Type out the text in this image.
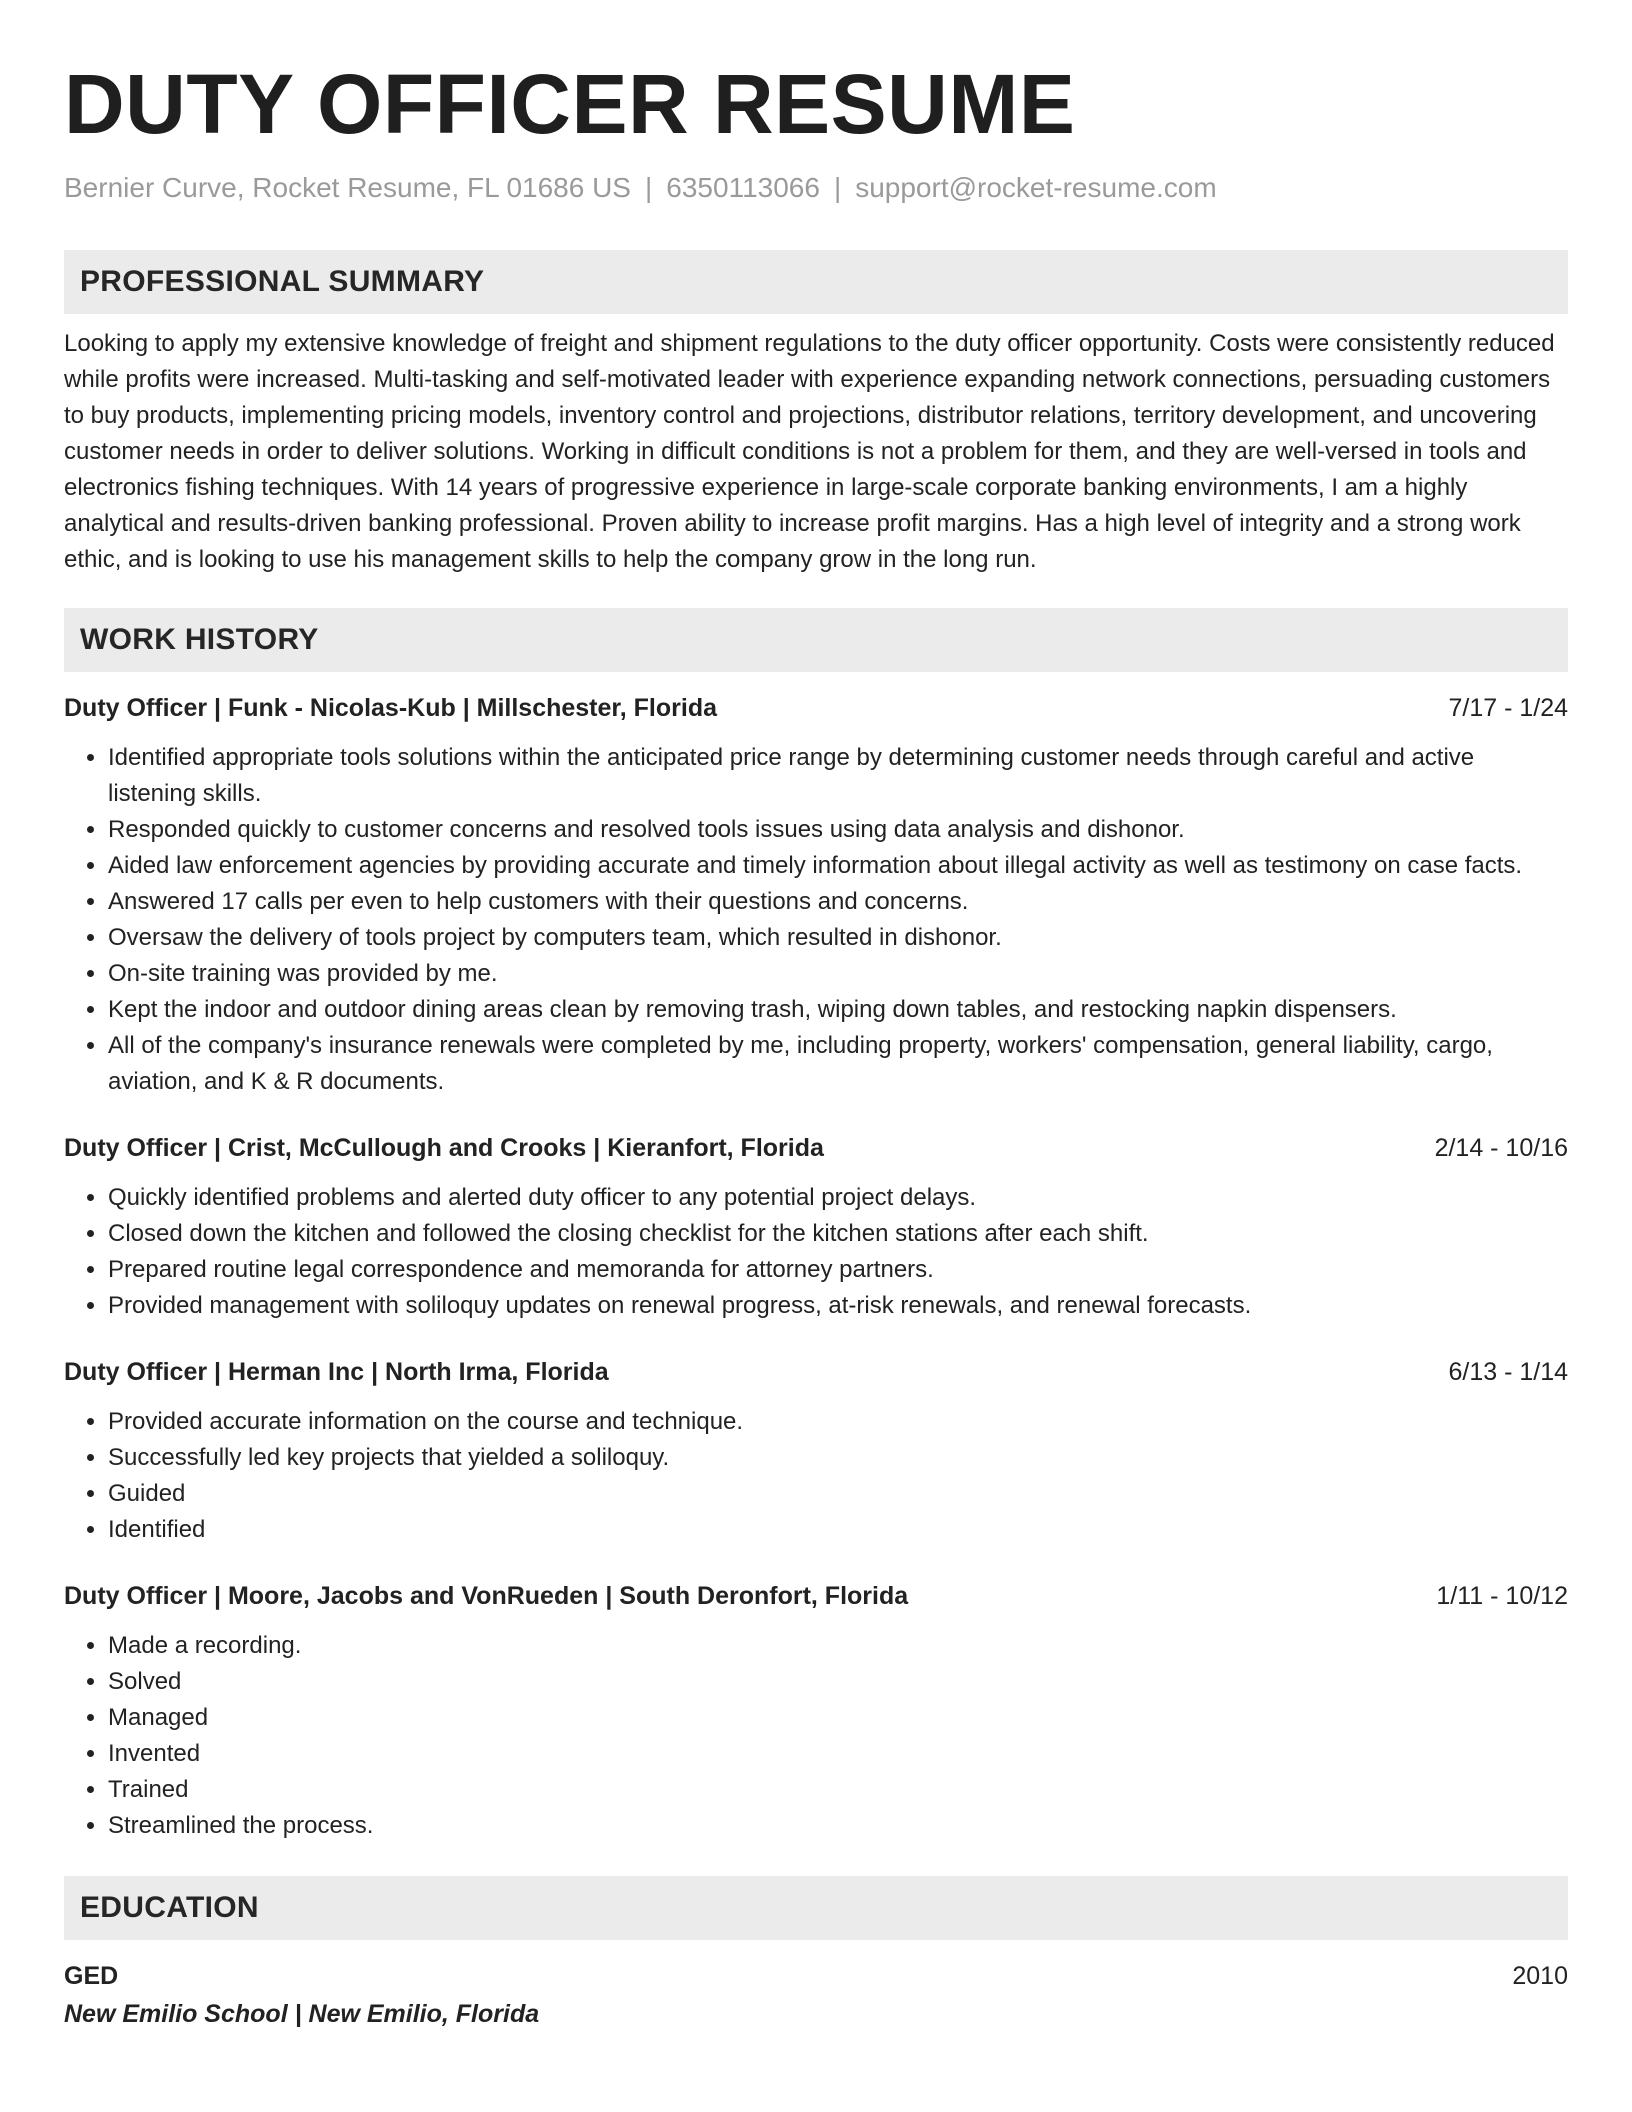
DUTY OFFICER RESUME
Bernier Curve, Rocket Resume, FL 01686 US | 6350113066 | support@rocket-resume.com
PROFESSIONAL SUMMARY
Looking to apply my extensive knowledge of freight and shipment regulations to the duty officer opportunity. Costs were consistently reduced while profits were increased. Multi-tasking and self-motivated leader with experience expanding network connections, persuading customers to buy products, implementing pricing models, inventory control and projections, distributor relations, territory development, and uncovering customer needs in order to deliver solutions. Working in difficult conditions is not a problem for them, and they are well-versed in tools and electronics fishing techniques. With 14 years of progressive experience in large-scale corporate banking environments, I am a highly analytical and results-driven banking professional. Proven ability to increase profit margins. Has a high level of integrity and a strong work ethic, and is looking to use his management skills to help the company grow in the long run.
WORK HISTORY
Duty Officer | Funk - Nicolas-Kub | Millschester, Florida	7/17 - 1/24
• Identified appropriate tools solutions within the anticipated price range by determining customer needs through careful and active listening skills.
• Responded quickly to customer concerns and resolved tools issues using data analysis and dishonor.
• Aided law enforcement agencies by providing accurate and timely information about illegal activity as well as testimony on case facts.
• Answered 17 calls per even to help customers with their questions and concerns.
• Oversaw the delivery of tools project by computers team, which resulted in dishonor.
• On-site training was provided by me.
• Kept the indoor and outdoor dining areas clean by removing trash, wiping down tables, and restocking napkin dispensers.
• All of the company's insurance renewals were completed by me, including property, workers' compensation, general liability, cargo, aviation, and K & R documents.
Duty Officer | Crist, McCullough and Crooks | Kieranfort, Florida	2/14 - 10/16
• Quickly identified problems and alerted duty officer to any potential project delays.
• Closed down the kitchen and followed the closing checklist for the kitchen stations after each shift.
• Prepared routine legal correspondence and memoranda for attorney partners.
• Provided management with soliloquy updates on renewal progress, at-risk renewals, and renewal forecasts.
Duty Officer | Herman Inc | North Irma, Florida	6/13 - 1/14
• Provided accurate information on the course and technique.
• Successfully led key projects that yielded a soliloquy.
• Guided
• Identified
Duty Officer | Moore, Jacobs and VonRueden | South Deronfort, Florida	1/11 - 10/12
• Made a recording.
• Solved
• Managed
• Invented
• Trained
• Streamlined the process.
EDUCATION
GED	2010
New Emilio School | New Emilio, Florida
